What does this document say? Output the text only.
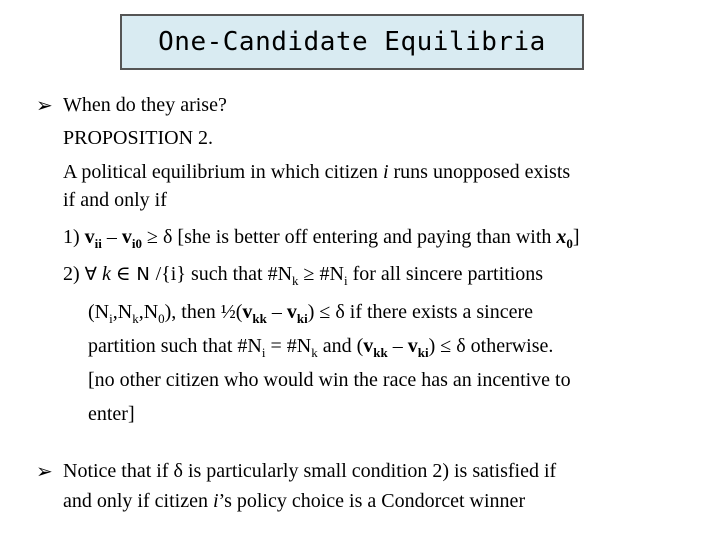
One-Candidate Equilibria
➢ When do they arise?
PROPOSITION 2.
A political equilibrium in which citizen i runs unopposed exists
if and only if
1) $v_{ii} - v_{i0} \ge \delta$ [she is better off entering and paying than with $x_0$]
2) ∀ k ∈ N /{i} such that $\#N_k$ ≥ $\#N_i$ for all sincere partitions
$(N_i,N_k,N_0)$, then $\frac{1}{2}(v_{kk} - v_{ki}) \le \delta$ if there exists a sincere
partition such that $\#N_i$ = $\#N_k$ and $(v_{kk} - v_{ki}) \le \delta$ otherwise.
[no other citizen who would win the race has an incentive to
enter]
➢ Notice that if δ is particularly small condition 2) is satisfied if
and only if citizen i’s policy choice is a Condorcet winner
